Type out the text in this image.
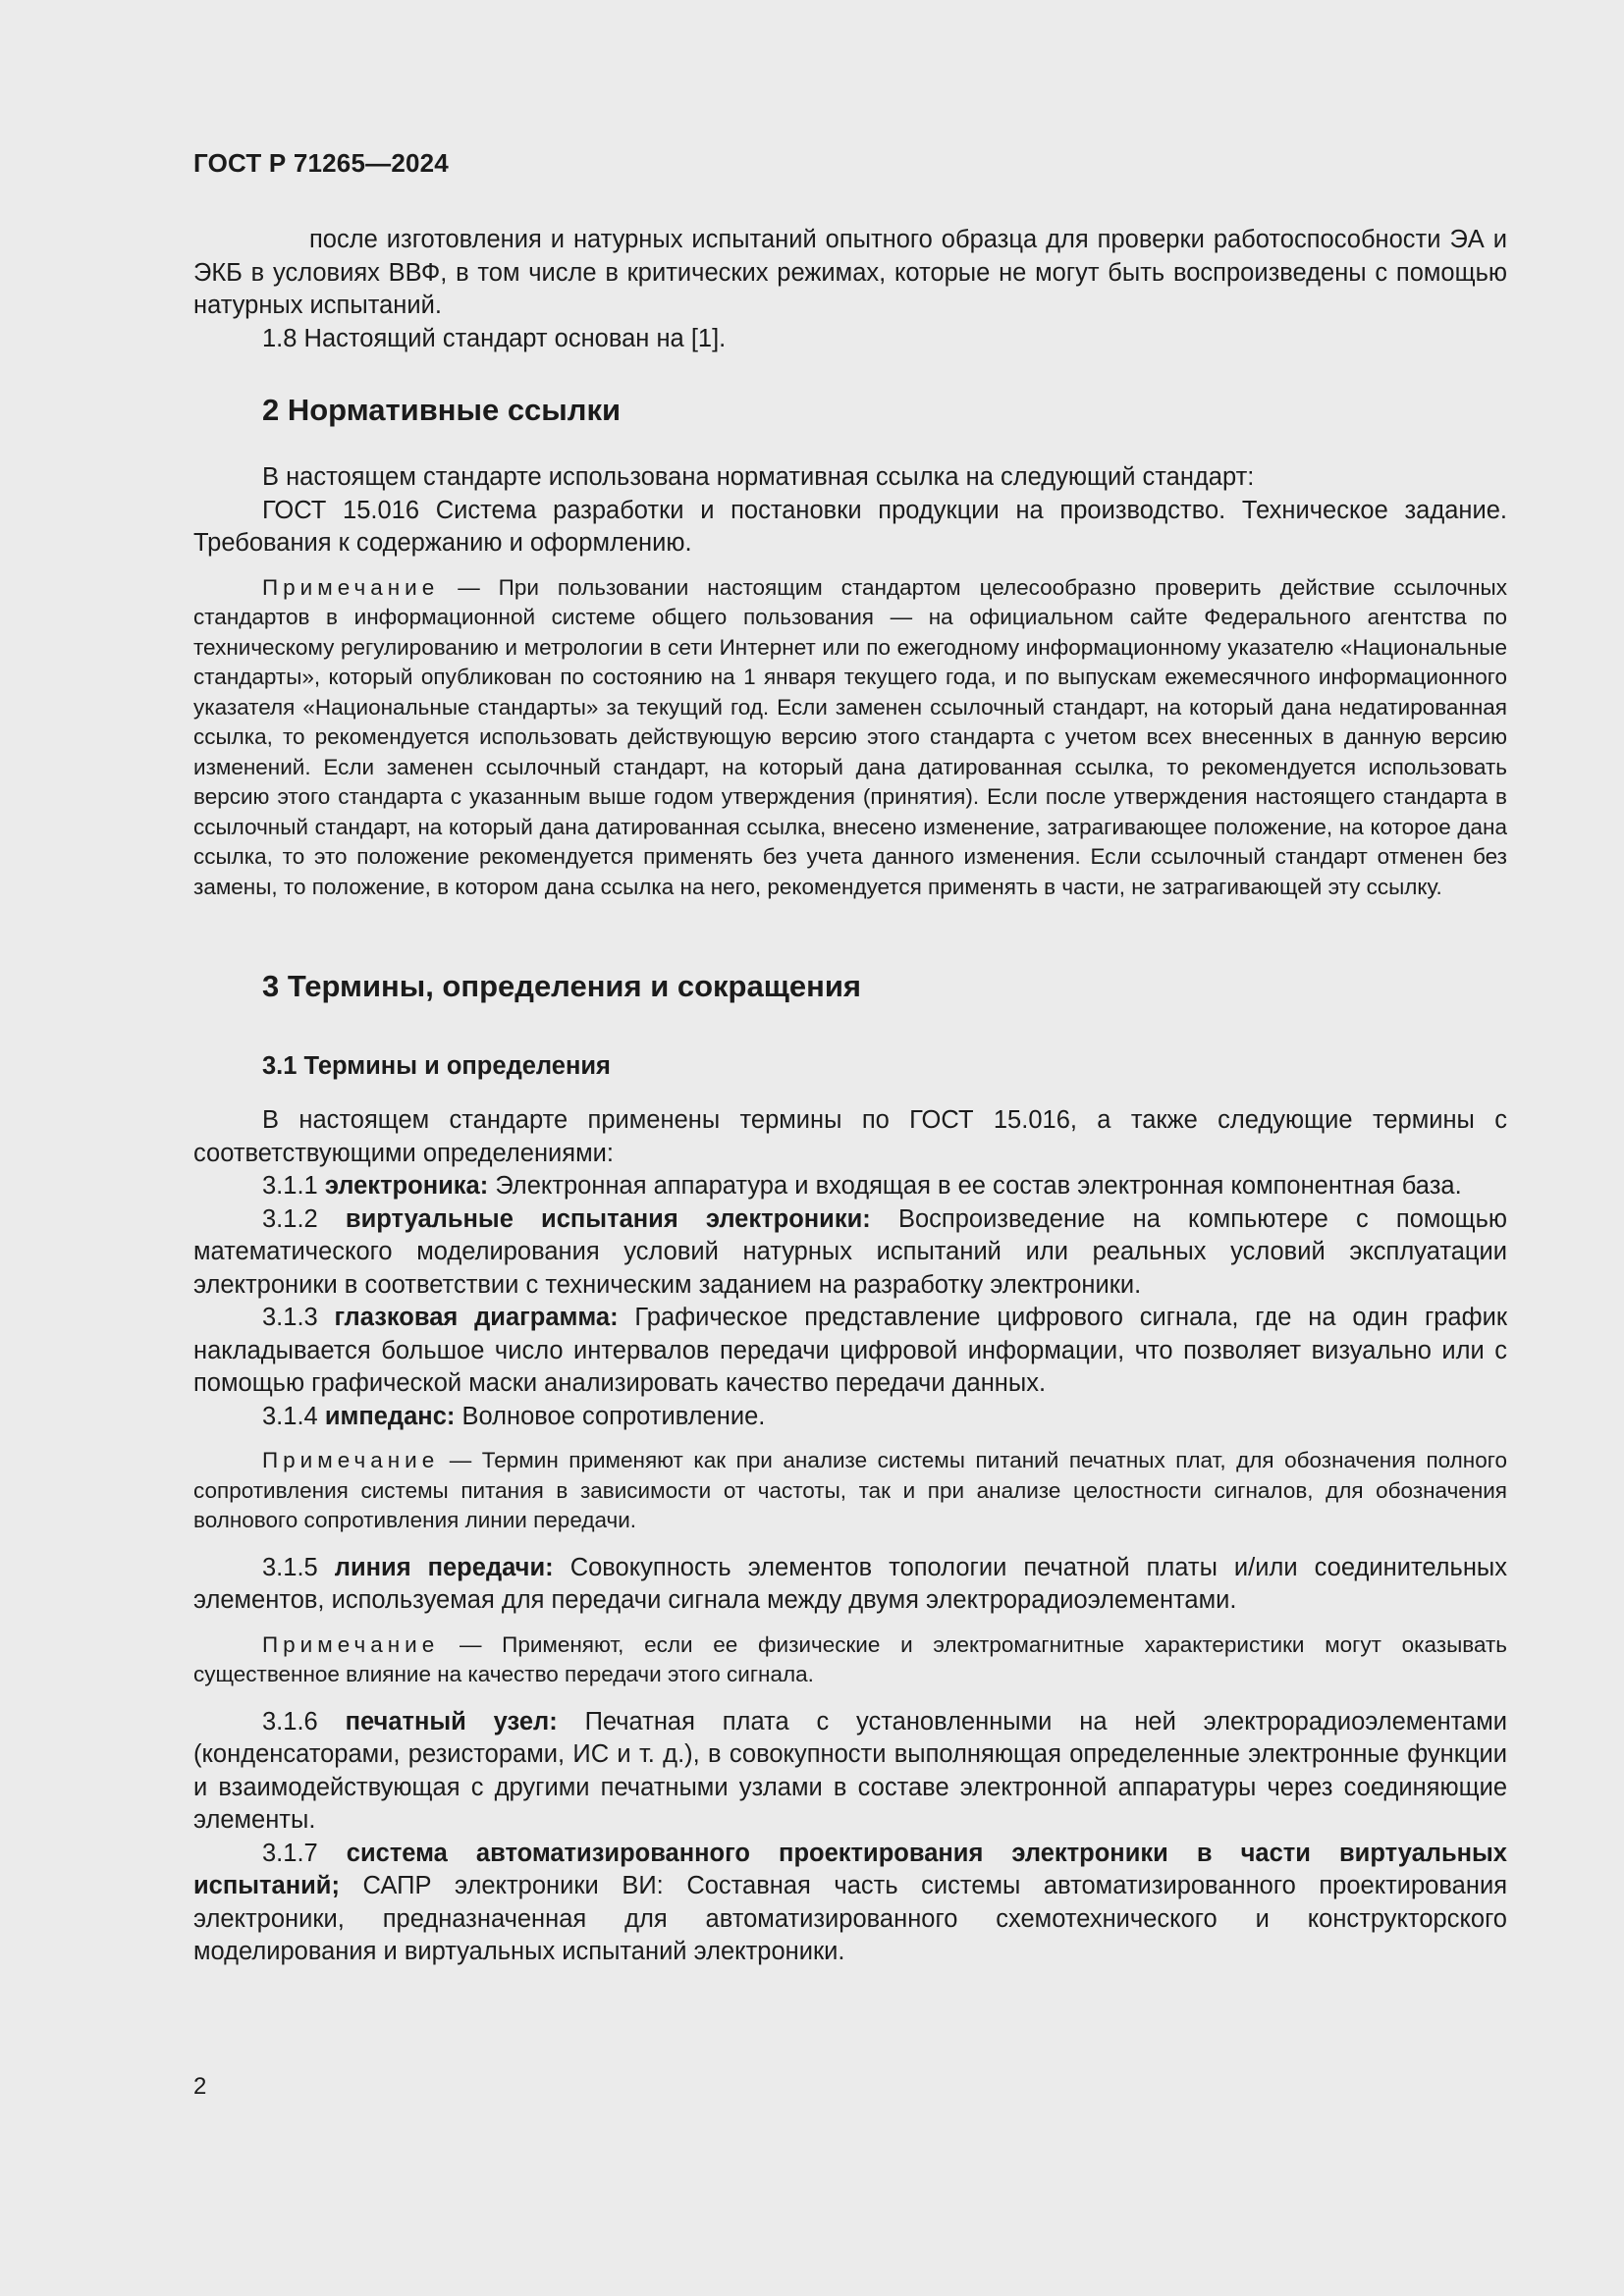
ГОСТ Р 71265—2024

после изготовления и натурных испытаний опытного образца для проверки работоспособности ЭА и ЭКБ в условиях ВВФ, в том числе в критических режимах, которые не могут быть воспроизведены с помощью натурных испытаний.

1.8 Настоящий стандарт основан на [1].

2 Нормативные ссылки

В настоящем стандарте использована нормативная ссылка на следующий стандарт:

ГОСТ 15.016 Система разработки и постановки продукции на производство. Техническое задание. Требования к содержанию и оформлению.

Примечание — При пользовании настоящим стандартом целесообразно проверить действие ссылочных стандартов в информационной системе общего пользования — на официальном сайте Федерального агентства по техническому регулированию и метрологии в сети Интернет или по ежегодному информационному указателю «Национальные стандарты», который опубликован по состоянию на 1 января текущего года, и по выпускам ежемесячного информационного указателя «Национальные стандарты» за текущий год. Если заменен ссылочный стандарт, на который дана недатированная ссылка, то рекомендуется использовать действующую версию этого стандарта с учетом всех внесенных в данную версию изменений. Если заменен ссылочный стандарт, на который дана датированная ссылка, то рекомендуется использовать версию этого стандарта с указанным выше годом утверждения (принятия). Если после утверждения настоящего стандарта в ссылочный стандарт, на который дана датированная ссылка, внесено изменение, затрагивающее положение, на которое дана ссылка, то это положение рекомендуется применять без учета данного изменения. Если ссылочный стандарт отменен без замены, то положение, в котором дана ссылка на него, рекомендуется применять в части, не затрагивающей эту ссылку.

3 Термины, определения и сокращения

3.1 Термины и определения

В настоящем стандарте применены термины по ГОСТ 15.016, а также следующие термины с соответствующими определениями:

3.1.1 электроника: Электронная аппаратура и входящая в ее состав электронная компонентная база.

3.1.2 виртуальные испытания электроники: Воспроизведение на компьютере с помощью математического моделирования условий натурных испытаний или реальных условий эксплуатации электроники в соответствии с техническим заданием на разработку электроники.

3.1.3 глазковая диаграмма: Графическое представление цифрового сигнала, где на один график накладывается большое число интервалов передачи цифровой информации, что позволяет визуально или с помощью графической маски анализировать качество передачи данных.

3.1.4 импеданс: Волновое сопротивление.

Примечание — Термин применяют как при анализе системы питаний печатных плат, для обозначения полного сопротивления системы питания в зависимости от частоты, так и при анализе целостности сигналов, для обозначения волнового сопротивления линии передачи.

3.1.5 линия передачи: Совокупность элементов топологии печатной платы и/или соединительных элементов, используемая для передачи сигнала между двумя электрорадиоэлементами.

Примечание — Применяют, если ее физические и электромагнитные характеристики могут оказывать существенное влияние на качество передачи этого сигнала.

3.1.6 печатный узел: Печатная плата с установленными на ней электрорадиоэлементами (конденсаторами, резисторами, ИС и т. д.), в совокупности выполняющая определенные электронные функции и взаимодействующая с другими печатными узлами в составе электронной аппаратуры через соединяющие элементы.

3.1.7 система автоматизированного проектирования электроники в части виртуальных испытаний; САПР электроники ВИ: Составная часть системы автоматизированного проектирования электроники, предназначенная для автоматизированного схемотехнического и конструкторского моделирования и виртуальных испытаний электроники.

2
